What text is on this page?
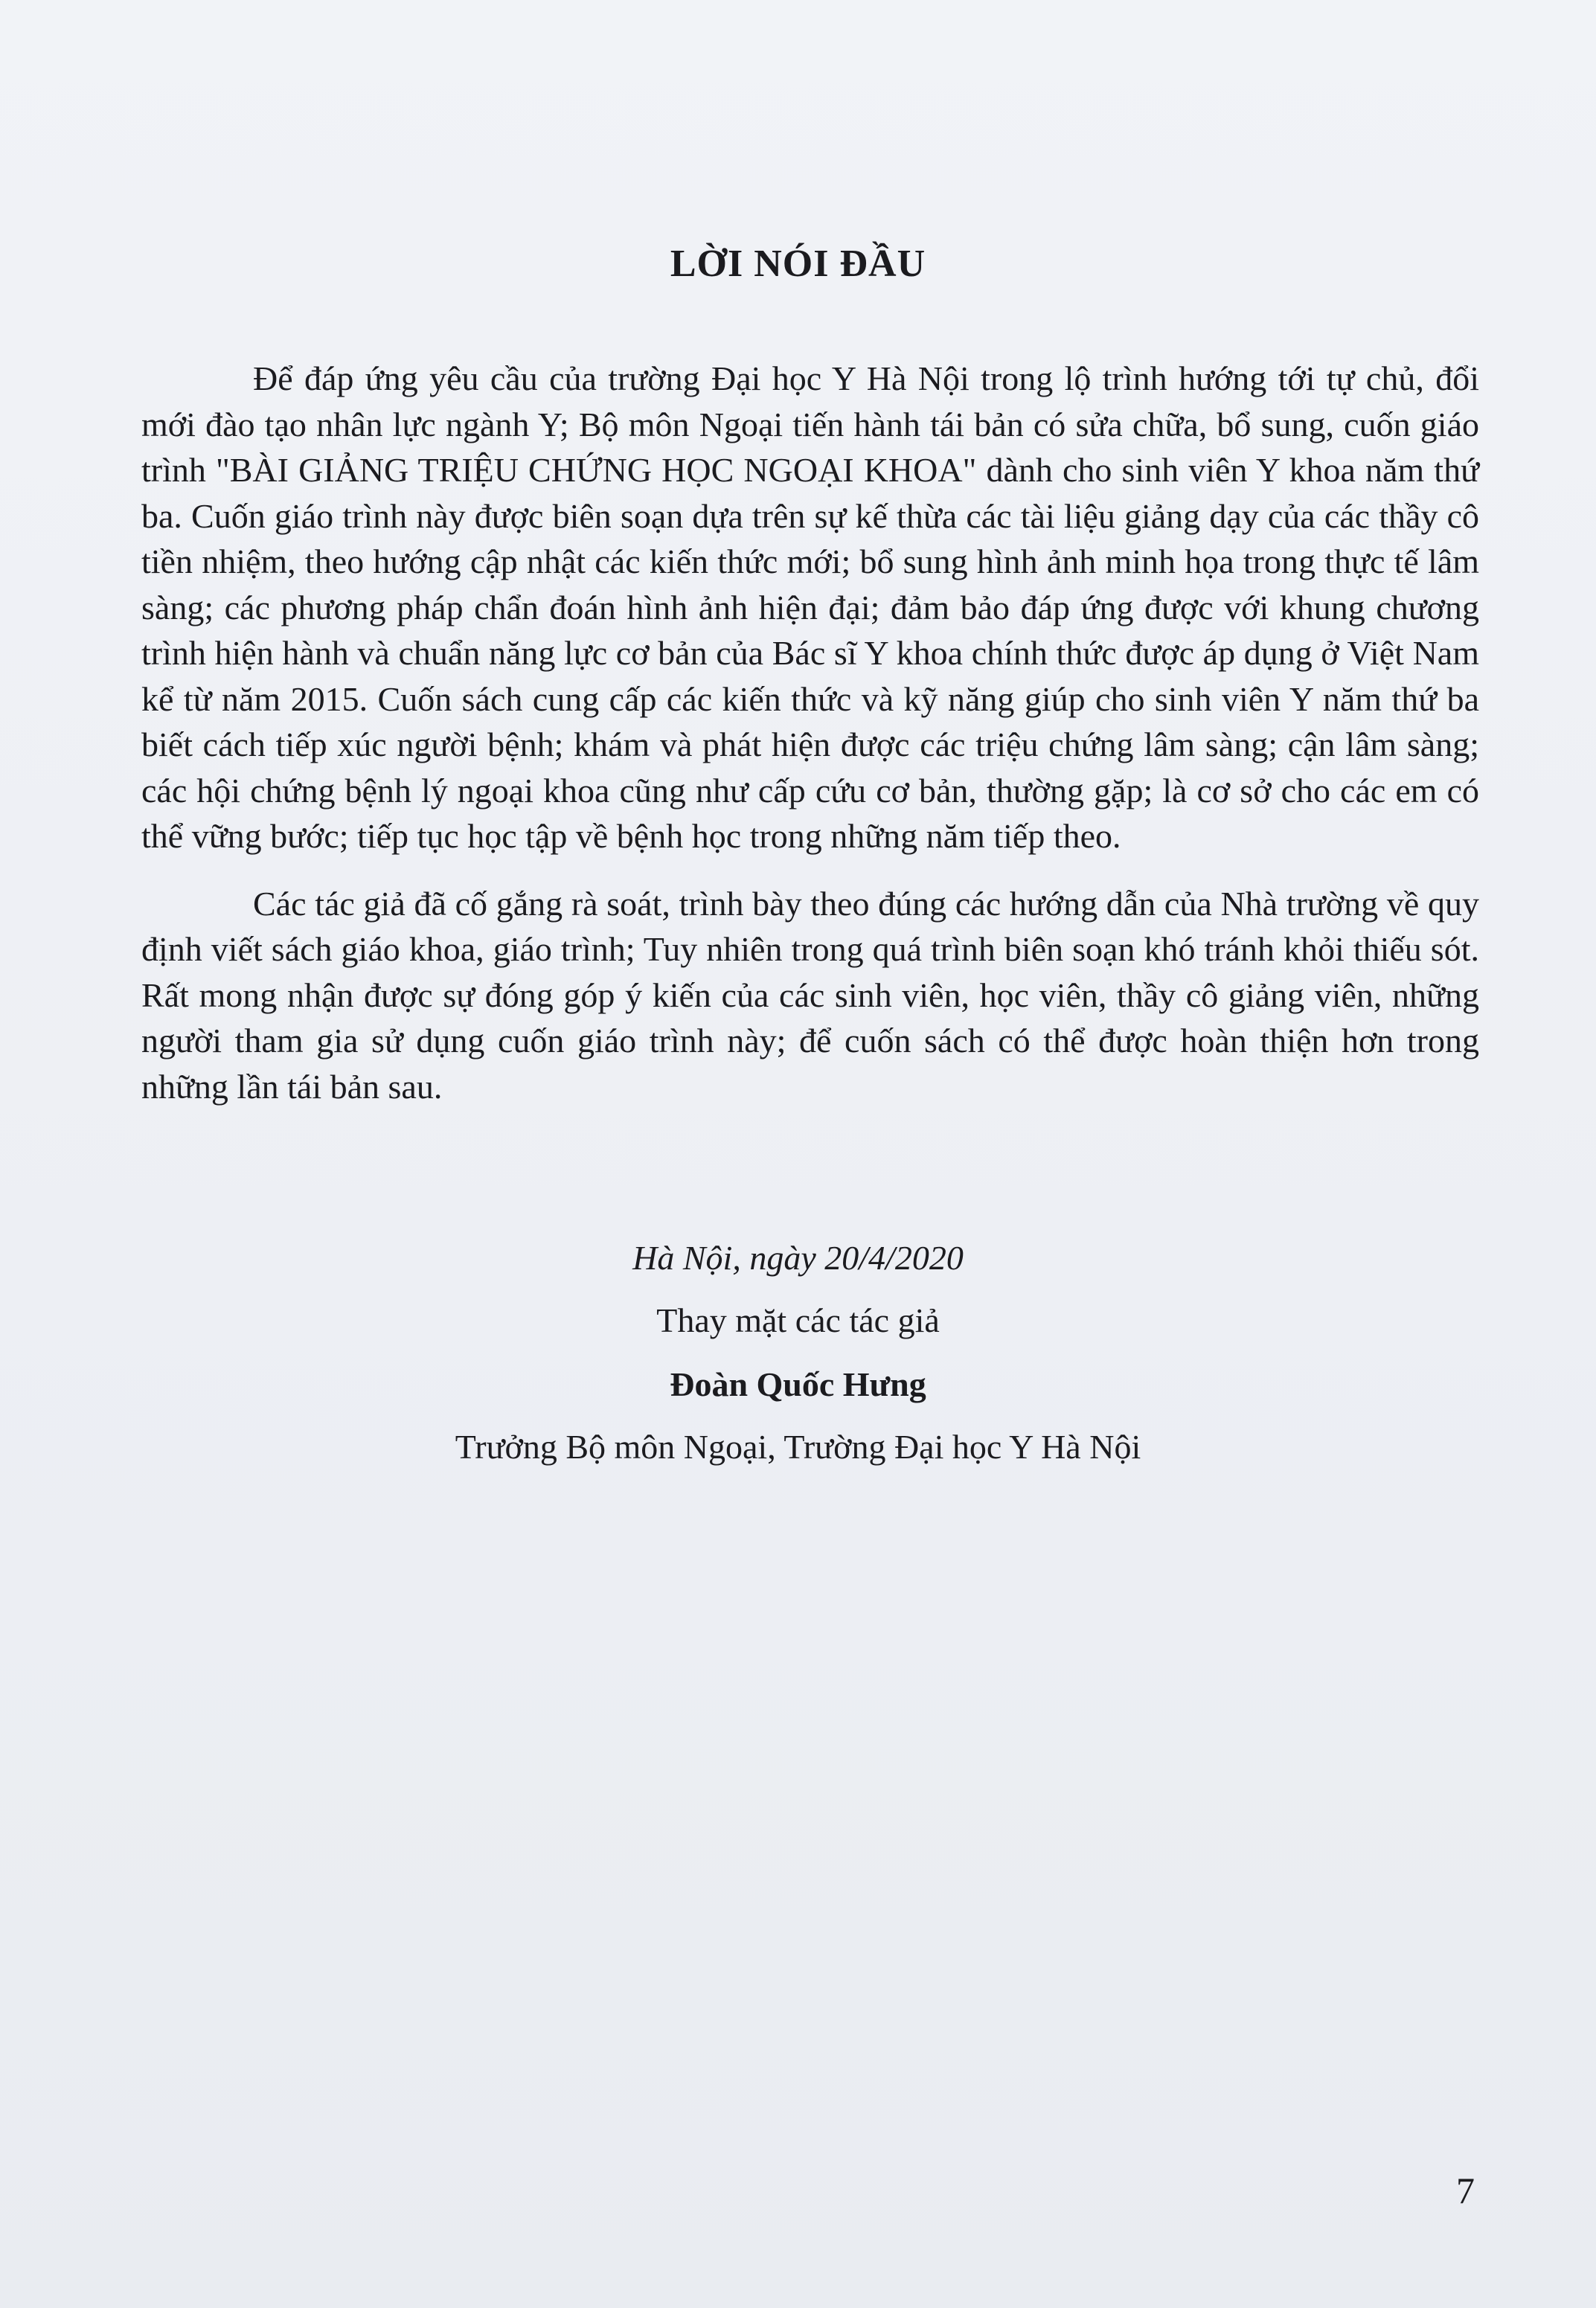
LỜI NÓI ĐẦU

Để đáp ứng yêu cầu của trường Đại học Y Hà Nội trong lộ trình hướng tới tự chủ, đổi mới đào tạo nhân lực ngành Y; Bộ môn Ngoại tiến hành tái bản có sửa chữa, bổ sung, cuốn giáo trình "BÀI GIẢNG TRIỆU CHỨNG HỌC NGOẠI KHOA" dành cho sinh viên Y khoa năm thứ ba. Cuốn giáo trình này được biên soạn dựa trên sự kế thừa các tài liệu giảng dạy của các thầy cô tiền nhiệm, theo hướng cập nhật các kiến thức mới; bổ sung hình ảnh minh họa trong thực tế lâm sàng; các phương pháp chẩn đoán hình ảnh hiện đại; đảm bảo đáp ứng được với khung chương trình hiện hành và chuẩn năng lực cơ bản của Bác sĩ Y khoa chính thức được áp dụng ở Việt Nam kể từ năm 2015. Cuốn sách cung cấp các kiến thức và kỹ năng giúp cho sinh viên Y năm thứ ba biết cách tiếp xúc người bệnh; khám và phát hiện được các triệu chứng lâm sàng; cận lâm sàng; các hội chứng bệnh lý ngoại khoa cũng như cấp cứu cơ bản, thường gặp; là cơ sở cho các em có thể vững bước; tiếp tục học tập về bệnh học trong những năm tiếp theo.

Các tác giả đã cố gắng rà soát, trình bày theo đúng các hướng dẫn của Nhà trường về quy định viết sách giáo khoa, giáo trình; Tuy nhiên trong quá trình biên soạn khó tránh khỏi thiếu sót. Rất mong nhận được sự đóng góp ý kiến của các sinh viên, học viên, thầy cô giảng viên, những người tham gia sử dụng cuốn giáo trình này; để cuốn sách có thể được hoàn thiện hơn trong những lần tái bản sau.

Hà Nội, ngày 20/4/2020
Thay mặt các tác giả
Đoàn Quốc Hưng
Trưởng Bộ môn Ngoại, Trường Đại học Y Hà Nội
7
